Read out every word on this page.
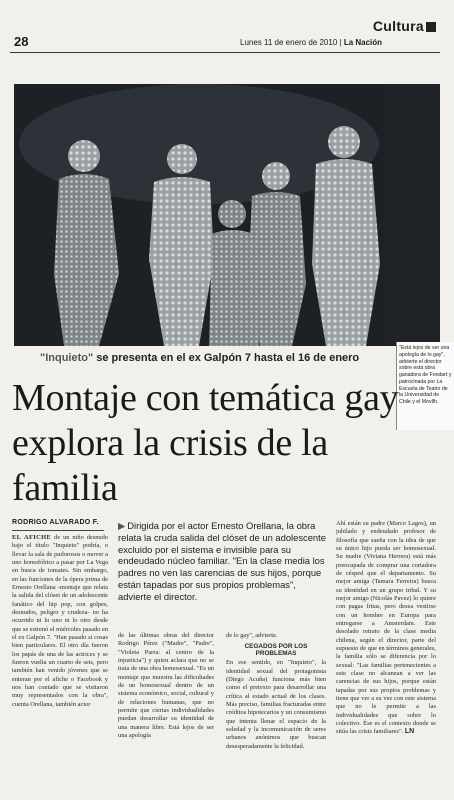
28
Cultura
Lunes 11 de enero de 2010 | La Nación
"Está lejos de ser una apología de lo gay", advierte el director sobre esta obra ganadora de Fondart y patrocinada por La Escuela de Teatro de la Universidad de Chile y el MovIlh.
"Inquieto" se presenta en el ex Galpón 7 hasta el 16 de enero
Montaje con temática gay explora la crisis de la familia
RODRIGO ALVARADO F. ▶ Dirigida por el actor Ernesto Orellana, la obra relata la cruda salida del clóset de un adolescente excluido por el sistema e invisible para su endeudado núcleo familiar. "En la clase media los padres no ven las carencias de sus hijos, porque están tapadas por sus propios problemas", advierte el director.
EL AFICHE de un niño desnudo bajo el título "Inquieto" podría, o llevar la sala de pudorosos o mover a uno homofóbico a pasar por La Vega en busca de tomates. Sin embargo, en las funciones de la ópera prima de Ernesto Orellana -montaje que relata la salida del clóset de un adolescente fanático del hip pop, con golpes, desnudos, peligro y crudeza- no ha ocurrido ni lo uno ni lo otro desde que se estrenó el miércoles pasado en el ex Galpón 7. "Han pasado si cosas bien particulares. El otro día fueron los papás de una de las actrices y se fueron vuelta un cuarto de seis, pero también han venido jóvenes que se enteran por el afiche o Facebook y nos han contado que se visitaron muy representados con la obra", cuenta Orellana, también actor
de las últimas obras del director Rodrigo Pérez ("Madre", "Padre", "Violeta Parra: al centro de la injusticia") y quien aclara que no se trata de una obra homosexual. "Es un montaje que muestra las dificultades de un homosexual dentro de un sistema económico, social, cultural y de relaciones humanas, que no permite que ciertas individualidades puedan desarrollar su identidad de una manera libre. Está lejos de ser una apología
de lo gay", advierte.
CEGADOS POR LOS PROBLEMAS
En ese sentido, en "Inquieto", la identidad sexual del protagonista (Diego Acuña) funciona más bien como el pretexto para desarrollar una crítica al estado actual de los clases. Más preciso, familias fracturadas entre créditos hipotecarios y un consumismo que intenta llenar el espacio de la soledad y la incomunicación de seres urbanos anónimos que buscan desesperadamente la felicidad.
Ahí están su padre (Marco Lagos), un jubilado y endeudado profesor de filosofía que sueña con la idea de que su único hijo pueda ser homosexual. Su madre (Viviana Herrera) está más preocupada de comprar una cortadora de césped que el departamento. Su mejor amiga (Tamara Ferreira) busca su identidad en un grupo tribal. Y su mejor amigo (Nicolás Pavez) lo quiere con pagas fritas, pero desea vestirse con un hombre en Europa para entregarse a Amsterdam. Este desolado retrato de la clase media chilena, según el director, parte del supuesto de que en términos generales, la familia sólo se diferencia por lo sexual: "Las familias pertenecientes a este clase no alcanzan a ver las carencias de sus hijos, porque están tapadas por sus propios problemas y tiene que ver a su vez con este sistema que no le permite a las individualidades que sobre lo colectivo. Ése es el contexto donde se sitúa las crisis familiares". LN
